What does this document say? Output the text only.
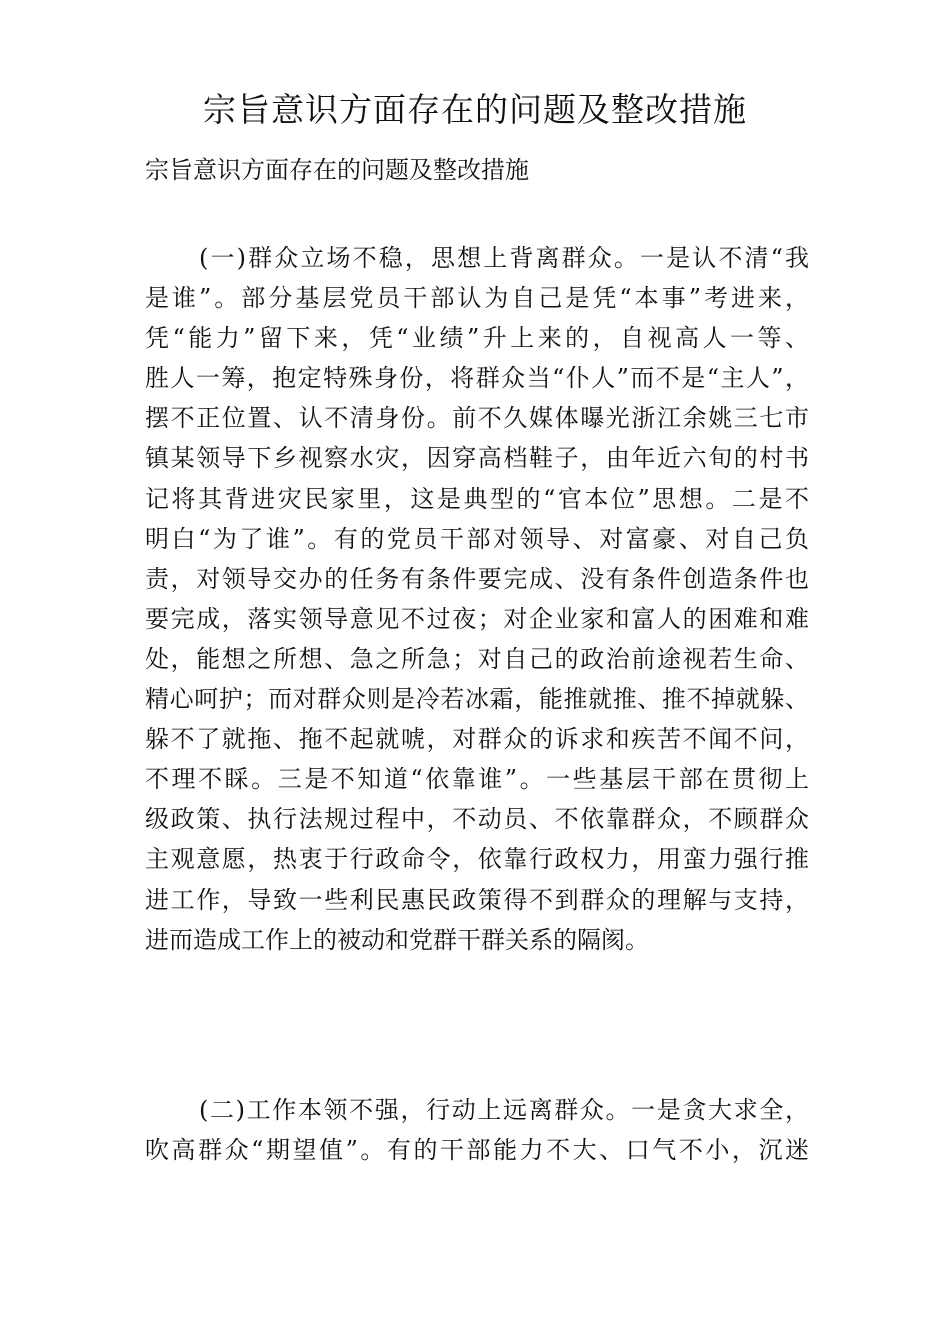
宗旨意识方面存在的问题及整改措施
宗旨意识方面存在的问题及整改措施
(一)群众立场不稳，思想上背离群众。一是认不清“我
是谁”。部分基层党员干部认为自己是凭“本事”考进来，
凭“能力”留下来，凭“业绩”升上来的，自视高人一等、
胜人一筹，抱定特殊身份，将群众当“仆人”而不是“主人”，
摆不正位置、认不清身份。前不久媒体曝光浙江余姚三七市
镇某领导下乡视察水灾，因穿高档鞋子，由年近六旬的村书
记将其背进灾民家里，这是典型的“官本位”思想。二是不
明白“为了谁”。有的党员干部对领导、对富豪、对自己负
责，对领导交办的任务有条件要完成、没有条件创造条件也
要完成，落实领导意见不过夜；对企业家和富人的困难和难
处，能想之所想、急之所急；对自己的政治前途视若生命、
精心呵护；而对群众则是冷若冰霜，能推就推、推不掉就躲、
躲不了就拖、拖不起就唬，对群众的诉求和疾苦不闻不问，
不理不睬。三是不知道“依靠谁”。一些基层干部在贯彻上
级政策、执行法规过程中，不动员、不依靠群众，不顾群众
主观意愿，热衷于行政命令，依靠行政权力，用蛮力强行推
进工作，导致一些利民惠民政策得不到群众的理解与支持，
进而造成工作上的被动和党群干群关系的隔阂。
(二)工作本领不强，行动上远离群众。一是贪大求全，
吹高群众“期望值”。有的干部能力不大、口气不小，沉迷
